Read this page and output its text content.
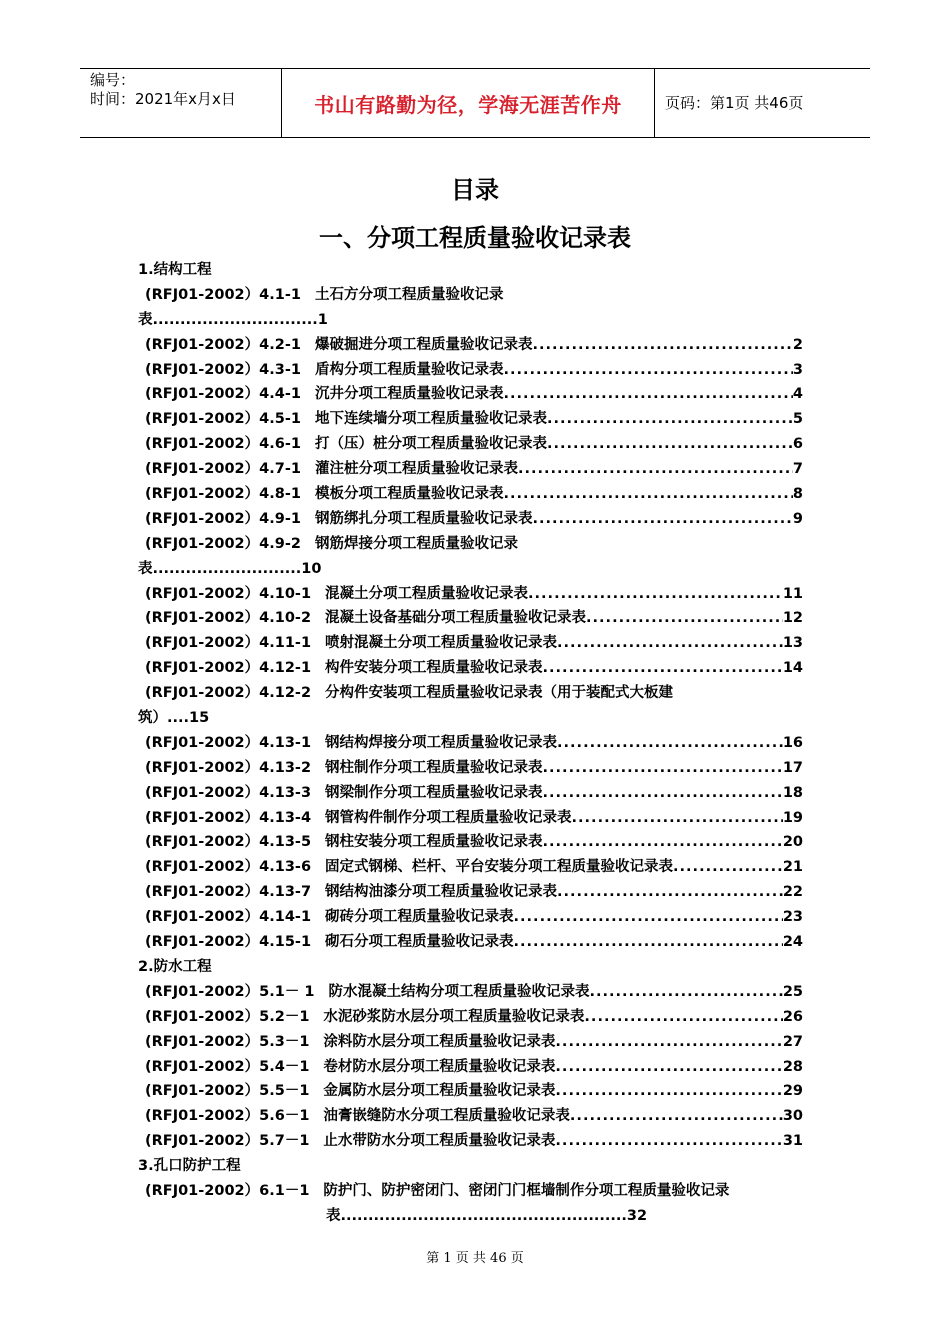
编号：
时间：2021年x月x日	书山有路勤为径，学海无涯苦作舟	页码：第1页 共46页
目录
一、分项工程质量验收记录表
1.结构工程
(RFJ01-2002）4.1-1 土石方分项工程质量验收记录
表..............................1
(RFJ01-2002）4.2-1 爆破掘进分项工程质量验收记录表 .....	2
(RFJ01-2002）4.3-1 盾构分项工程质量验收记录表 .....	3
(RFJ01-2002）4.4-1 沉井分项工程质量验收记录表 .....	4
(RFJ01-2002）4.5-1 地下连续墙分项工程质量验收记录表 .....	5
(RFJ01-2002）4.6-1 打（压）桩分项工程质量验收记录表 .....	6
(RFJ01-2002）4.7-1 灌注桩分项工程质量验收记录表 .....	7
(RFJ01-2002）4.8-1 模板分项工程质量验收记录表 .....	8
(RFJ01-2002）4.9-1 钢筋绑扎分项工程质量验收记录表 .....	9
(RFJ01-2002）4.9-2 钢筋焊接分项工程质量验收记录
表...........................10
(RFJ01-2002）4.10-1 混凝土分项工程质量验收记录表 .....	11
(RFJ01-2002）4.10-2 混凝土设备基础分项工程质量验收记录表 .....	12
(RFJ01-2002）4.11-1 喷射混凝土分项工程质量验收记录表 .....	13
(RFJ01-2002）4.12-1 构件安装分项工程质量验收记录表 .....	14
(RFJ01-2002）4.12-2 分构件安装项工程质量验收记录表（用于装配式大板建
筑）....15
(RFJ01-2002）4.13-1 钢结构焊接分项工程质量验收记录表 .....	16
(RFJ01-2002）4.13-2 钢柱制作分项工程质量验收记录表 .....	17
(RFJ01-2002）4.13-3 钢梁制作分项工程质量验收记录表 .....	18
(RFJ01-2002）4.13-4 钢管构件制作分项工程质量验收记录表 .....	19
(RFJ01-2002）4.13-5 钢柱安装分项工程质量验收记录表 .....	20
(RFJ01-2002）4.13-6 固定式钢梯、栏杆、平台安装分项工程质量验收记录表 .....	21
(RFJ01-2002）4.13-7 钢结构油漆分项工程质量验收记录表 .....	22
(RFJ01-2002）4.14-1 砌砖分项工程质量验收记录表 .....	23
(RFJ01-2002）4.15-1 砌石分项工程质量验收记录表 .....	24
2.防水工程
(RFJ01-2002）5.1－ 1 防水混凝土结构分项工程质量验收记录表 .....	25
(RFJ01-2002）5.2－1 水泥砂浆防水层分项工程质量验收记录表 .....	26
(RFJ01-2002）5.3－1 涂料防水层分项工程质量验收记录表 .....	27
(RFJ01-2002）5.4－1 卷材防水层分项工程质量验收记录表 .....	28
(RFJ01-2002）5.5－1 金属防水层分项工程质量验收记录表 .....	29
(RFJ01-2002）5.6－1 油膏嵌缝防水分项工程质量验收记录表 .....	30
(RFJ01-2002）5.7－1 止水带防水分项工程质量验收记录表 .....	31
3.孔口防护工程
(RFJ01-2002）6.1－1 防护门、防护密闭门、密闭门门框墙制作分项工程质量验收记录
表....................................................32
第 1 页 共 46 页
